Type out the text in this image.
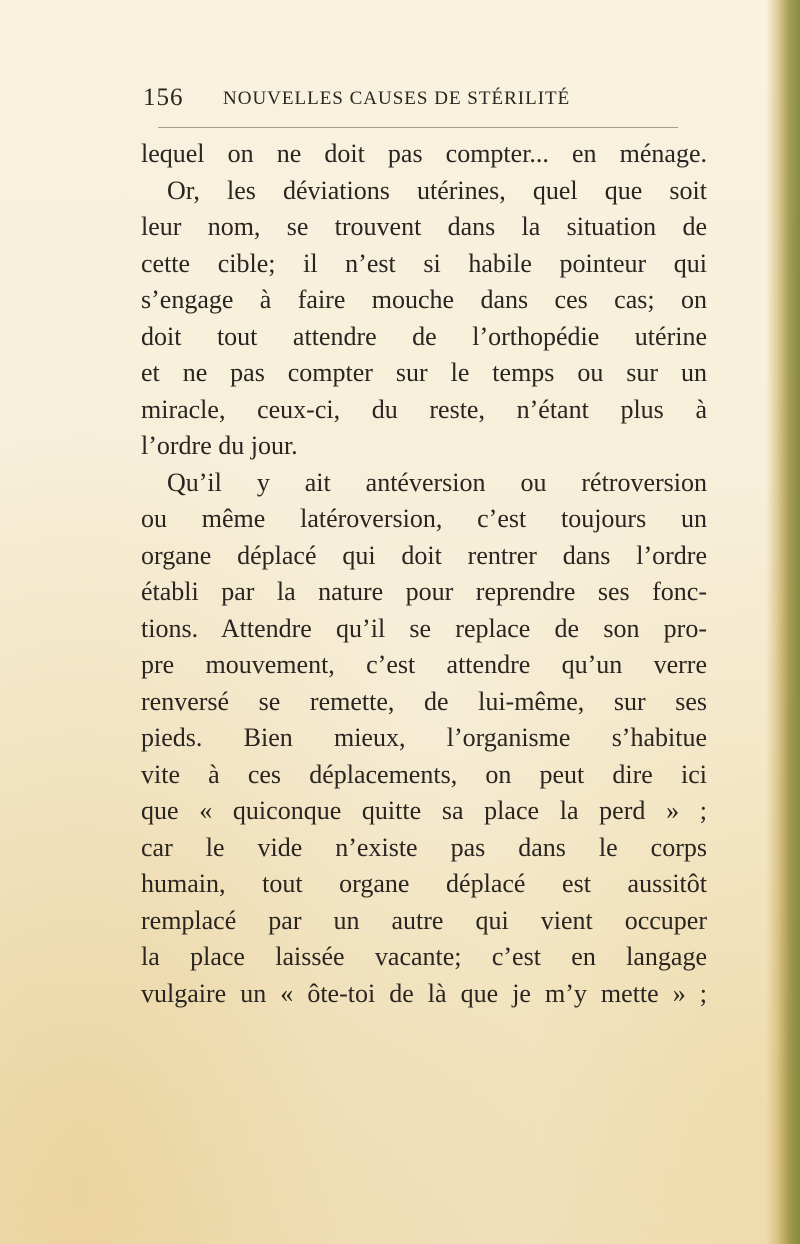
156 NOUVELLES CAUSES DE STÉRILITÉ
lequel on ne doit pas compter... en ménage.
Or, les déviations utérines, quel que soit
leur nom, se trouvent dans la situation de
cette cible; il n’est si habile pointeur qui
s’engage à faire mouche dans ces cas; on
doit tout attendre de l’orthopédie utérine
et ne pas compter sur le temps ou sur un
miracle, ceux-ci, du reste, n’étant plus à
l’ordre du jour.
Qu’il y ait antéversion ou rétroversion
ou même latéroversion, c’est toujours un
organe déplacé qui doit rentrer dans l’ordre
établi par la nature pour reprendre ses fonc-
tions. Attendre qu’il se replace de son pro-
pre mouvement, c’est attendre qu’un verre
renversé se remette, de lui-même, sur ses
pieds. Bien mieux, l’organisme s’habitue
vite à ces déplacements, on peut dire ici
que « quiconque quitte sa place la perd » ;
car le vide n’existe pas dans le corps
humain, tout organe déplacé est aussitôt
remplacé par un autre qui vient occuper
la place laissée vacante; c’est en langage
vulgaire un « ôte-toi de là que je m’y mette » ;
